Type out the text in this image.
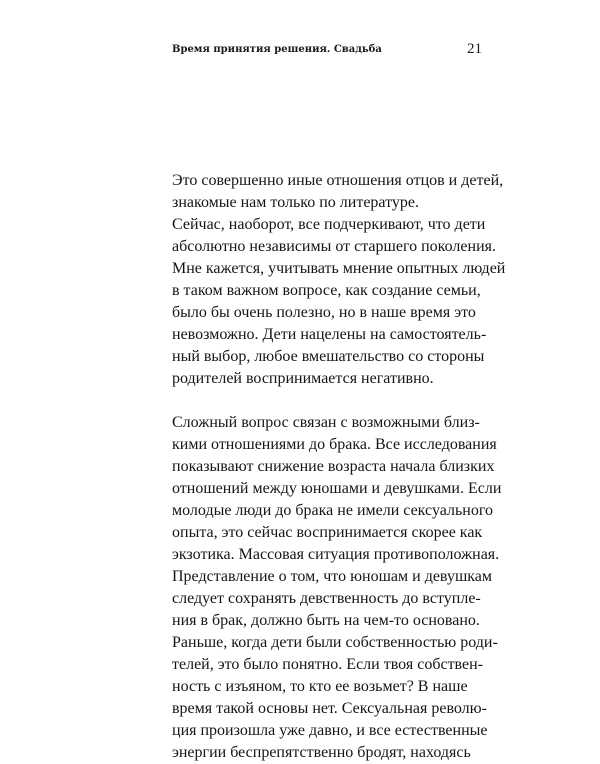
Время принятия решения. Свадьба	21

Это совершенно иные отношения отцов и детей,
знакомые нам только по литературе.
Сейчас, наоборот, все подчеркивают, что дети
абсолютно независимы от старшего поколения.
Мне кажется, учитывать мнение опытных людей
в таком важном вопросе, как создание семьи,
было бы очень полезно, но в наше время это
невозможно. Дети нацелены на самостоятель-
ный выбор, любое вмешательство со стороны
родителей воспринимается негативно.

Сложный вопрос связан с возможными близ-
кими отношениями до брака. Все исследования
показывают снижение возраста начала близких
отношений между юношами и девушками. Если
молодые люди до брака не имели сексуального
опыта, это сейчас воспринимается скорее как
экзотика. Массовая ситуация противоположная.
Представление о том, что юношам и девушкам
следует сохранять девственность до вступле-
ния в брак, должно быть на чем-то основано.
Раньше, когда дети были собственностью роди-
телей, это было понятно. Если твоя собствен-
ность с изъяном, то кто ее возьмет? В наше
время такой основы нет. Сексуальная револю-
ция произошла уже давно, и все естественные
энергии беспрепятственно бродят, находясь
